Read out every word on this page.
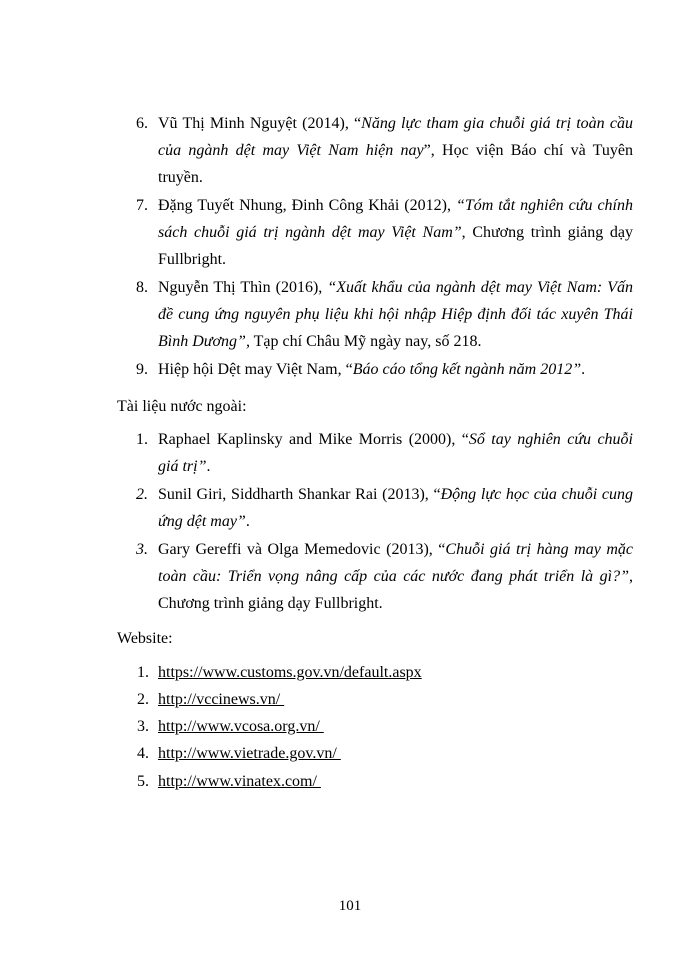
6. Vũ Thị Minh Nguyệt (2014), “Năng lực tham gia chuỗi giá trị toàn cầu của ngành dệt may Việt Nam hiện nay”, Học viện Báo chí và Tuyên truyền.
7. Đặng Tuyết Nhung, Đinh Công Khải (2012), “Tóm tắt nghiên cứu chính sách chuỗi giá trị ngành dệt may Việt Nam”, Chương trình giảng dạy Fullbright.
8. Nguyễn Thị Thìn (2016), “Xuất khẩu của ngành dệt may Việt Nam: Vấn đề cung ứng nguyên phụ liệu khi hội nhập Hiệp định đối tác xuyên Thái Bình Dương”, Tạp chí Châu Mỹ ngày nay, số 218.
9. Hiệp hội Dệt may Việt Nam, “Báo cáo tổng kết ngành năm 2012”.
Tài liệu nước ngoài:
1. Raphael Kaplinsky and Mike Morris (2000), “Sổ tay nghiên cứu chuỗi giá trị”.
2. Sunil Giri, Siddharth Shankar Rai (2013), “Động lực học của chuỗi cung ứng dệt may”.
3. Gary Gereffi và Olga Memedovic (2013), “Chuỗi giá trị hàng may mặc toàn cầu: Triển vọng nâng cấp của các nước đang phát triển là gì?”, Chương trình giảng dạy Fullbright.
Website:
1. https://www.customs.gov.vn/default.aspx
2. http://vccinews.vn/
3. http://www.vcosa.org.vn/
4. http://www.vietrade.gov.vn/
5. http://www.vinatex.com/
101
